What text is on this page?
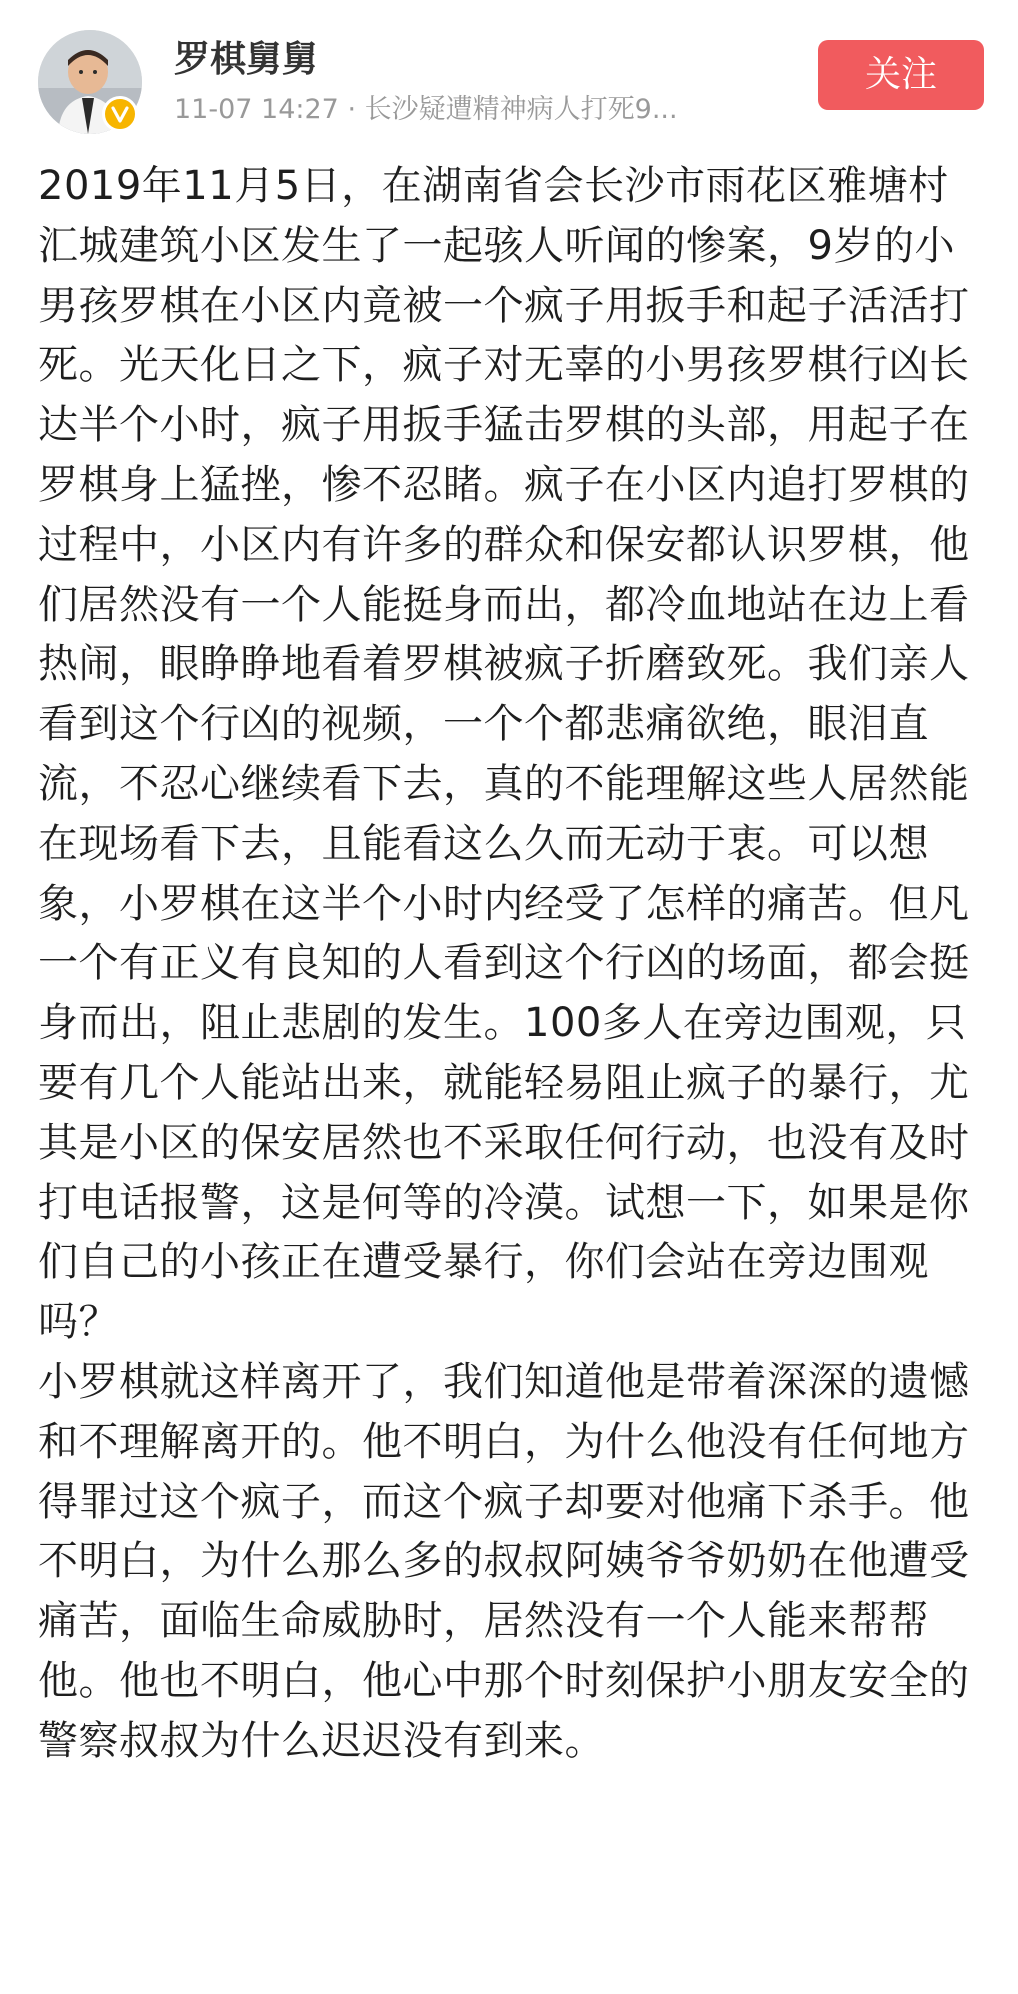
罗棋舅舅
11-07 14:27 · 长沙疑遭精神病人打死9...
关注

2019年11月5日，在湖南省会长沙市雨花区雅塘村汇城建筑小区发生了一起骇人听闻的惨案，9岁的小男孩罗棋在小区内竟被一个疯子用扳手和起子活活打死。光天化日之下，疯子对无辜的小男孩罗棋行凶长达半个小时，疯子用扳手猛击罗棋的头部，用起子在罗棋身上猛挫，惨不忍睹。疯子在小区内追打罗棋的过程中，小区内有许多的群众和保安都认识罗棋，他们居然没有一个人能挺身而出，都冷血地站在边上看热闹，眼睁睁地看着罗棋被疯子折磨致死。我们亲人看到这个行凶的视频，一个个都悲痛欲绝，眼泪直流，不忍心继续看下去，真的不能理解这些人居然能在现场看下去，且能看这么久而无动于衷。可以想象，小罗棋在这半个小时内经受了怎样的痛苦。但凡一个有正义有良知的人看到这个行凶的场面，都会挺身而出，阻止悲剧的发生。100多人在旁边围观，只要有几个人能站出来，就能轻易阻止疯子的暴行，尤其是小区的保安居然也不采取任何行动，也没有及时打电话报警，这是何等的冷漠。试想一下，如果是你们自己的小孩正在遭受暴行，你们会站在旁边围观吗？

小罗棋就这样离开了，我们知道他是带着深深的遗憾和不理解离开的。他不明白，为什么他没有任何地方得罪过这个疯子，而这个疯子却要对他痛下杀手。他不明白，为什么那么多的叔叔阿姨爷爷奶奶在他遭受痛苦，面临生命威胁时，居然没有一个人能来帮帮他。他也不明白，他心中那个时刻保护小朋友安全的警察叔叔为什么迟迟没有到来。
